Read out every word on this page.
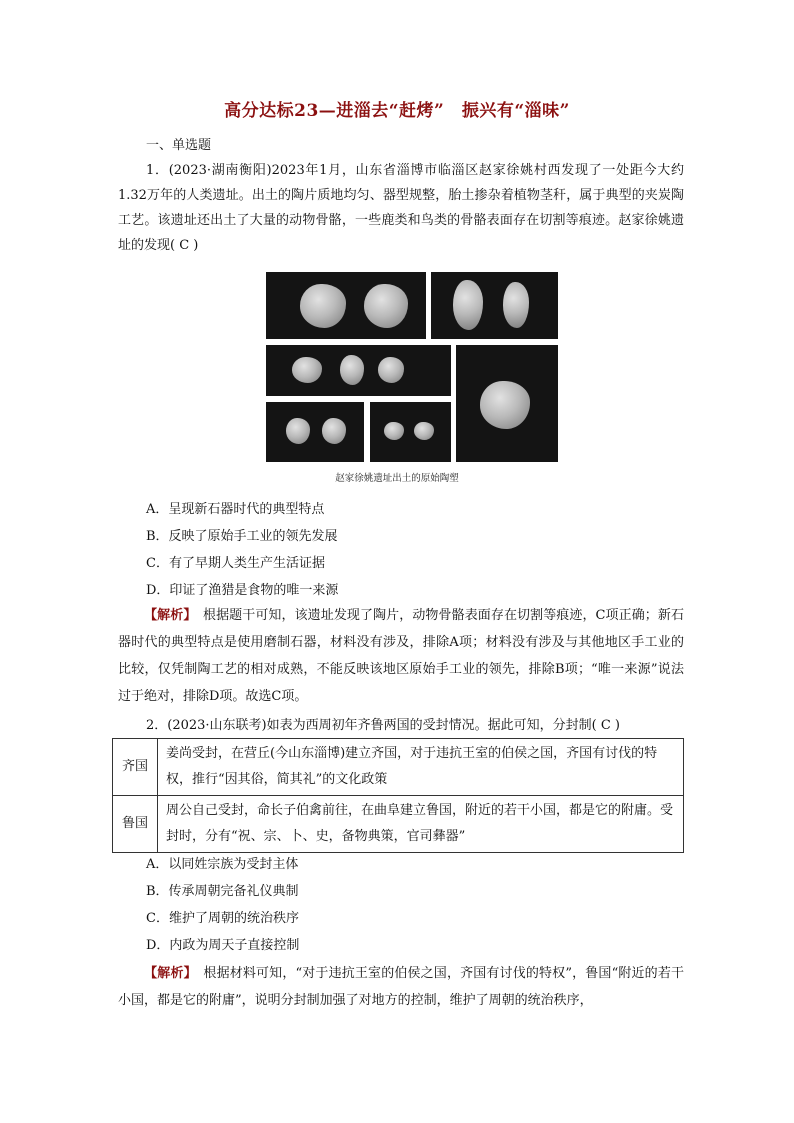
高分达标23—进淄去“赶烤”　振兴有“淄味”
一、单选题
1．(2023·湖南衡阳)2023年1月，山东省淄博市临淄区赵家徐姚村西发现了一处距今大约1.32万年的人类遗址。出土的陶片质地均匀、器型规整，胎土掺杂着植物茎秆，属于典型的夹炭陶工艺。该遗址还出土了大量的动物骨骼，一些鹿类和鸟类的骨骼表面存在切割等痕迹。赵家徐姚遗址的发现( C )
赵家徐姚遗址出土的原始陶塑
A．呈现新石器时代的典型特点
B．反映了原始手工业的领先发展
C．有了早期人类生产生活证据
D．印证了渔猎是食物的唯一来源
【解析】　根据题干可知，该遗址发现了陶片，动物骨骼表面存在切割等痕迹，C项正确；新石器时代的典型特点是使用磨制石器，材料没有涉及，排除A项；材料没有涉及与其他地区手工业的比较，仅凭制陶工艺的相对成熟，不能反映该地区原始手工业的领先，排除B项；“唯一来源”说法过于绝对，排除D项。故选C项。
2．(2023·山东联考)如表为西周初年齐鲁两国的受封情况。据此可知，分封制( C )
齐国	姜尚受封，在营丘(今山东淄博)建立齐国，对于违抗王室的伯侯之国，齐国有讨伐的特权，推行“因其俗，简其礼”的文化政策
鲁国	周公自己受封，命长子伯禽前往，在曲阜建立鲁国，附近的若干小国，都是它的附庸。受封时，分有“祝、宗、卜、史，备物典策，官司彝器”
A．以同姓宗族为受封主体
B．传承周朝完备礼仪典制
C．维护了周朝的统治秩序
D．内政为周天子直接控制
【解析】　根据材料可知，“对于违抗王室的伯侯之国，齐国有讨伐的特权”，鲁国“附近的若干小国，都是它的附庸”，说明分封制加强了对地方的控制，维护了周朝的统治秩序，
